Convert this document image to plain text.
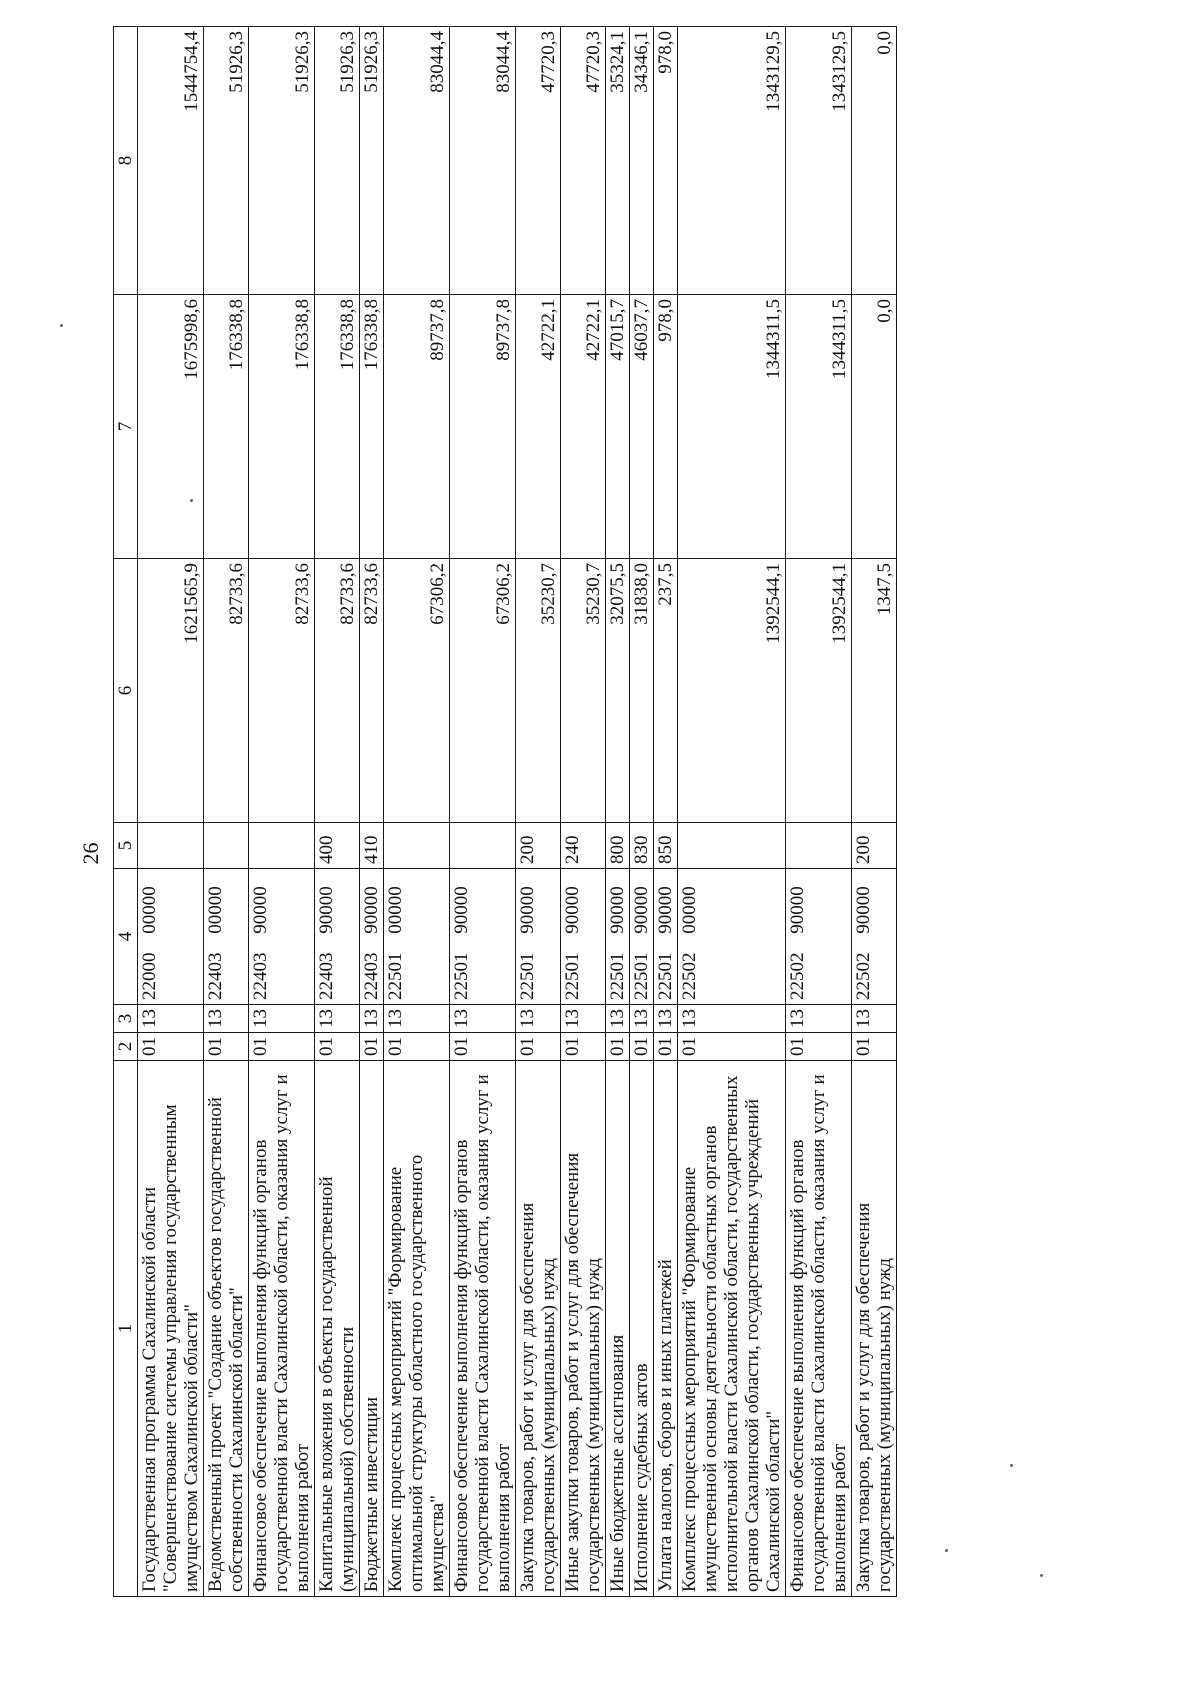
26
1	2	3	4	5	6	7	8
Государственная программа Сахалинской области "Совершенствование системы управления государственным имуществом Сахалинской области"	01	13	22000 00000		1621565,9	1675998,6	1544754,4
Ведомственный проект "Создание объектов государственной собственности Сахалинской области"	01	13	22403 00000		82733,6	176338,8	51926,3
Финансовое обеспечение выполнения функций органов государственной власти Сахалинской области, оказания услуг и выполнения работ	01	13	22403 90000		82733,6	176338,8	51926,3
Капитальные вложения в объекты государственной (муниципальной) собственности	01	13	22403 90000	400	82733,6	176338,8	51926,3
Бюджетные инвестиции	01	13	22403 90000	410	82733,6	176338,8	51926,3
Комплекс процессных мероприятий "Формирование оптимальной структуры областного государственного имущества"	01	13	22501 00000		67306,2	89737,8	83044,4
Финансовое обеспечение выполнения функций органов государственной власти Сахалинской области, оказания услуг и выполнения работ	01	13	22501 90000		67306,2	89737,8	83044,4
Закупка товаров, работ и услуг для обеспечения государственных (муниципальных) нужд	01	13	22501 90000	200	35230,7	42722,1	47720,3
Иные закупки товаров, работ и услуг для обеспечения государственных (муниципальных) нужд	01	13	22501 90000	240	35230,7	42722,1	47720,3
Иные бюджетные ассигнования	01	13	22501 90000	800	32075,5	47015,7	35324,1
Исполнение судебных актов	01	13	22501 90000	830	31838,0	46037,7	34346,1
Уплата налогов, сборов и иных платежей	01	13	22501 90000	850	237,5	978,0	978,0
Комплекс процессных мероприятий "Формирование имущественной основы деятельности областных органов исполнительной власти Сахалинской области, государственных органов Сахалинской области, государственных учреждений Сахалинской области"	01	13	22502 00000		1392544,1	1344311,5	1343129,5
Финансовое обеспечение выполнения функций органов государственной власти Сахалинской области, оказания услуг и выполнения работ	01	13	22502 90000		1392544,1	1344311,5	1343129,5
Закупка товаров, работ и услуг для обеспечения государственных (муниципальных) нужд	01	13	22502 90000	200	1347,5	0,0	0,0
